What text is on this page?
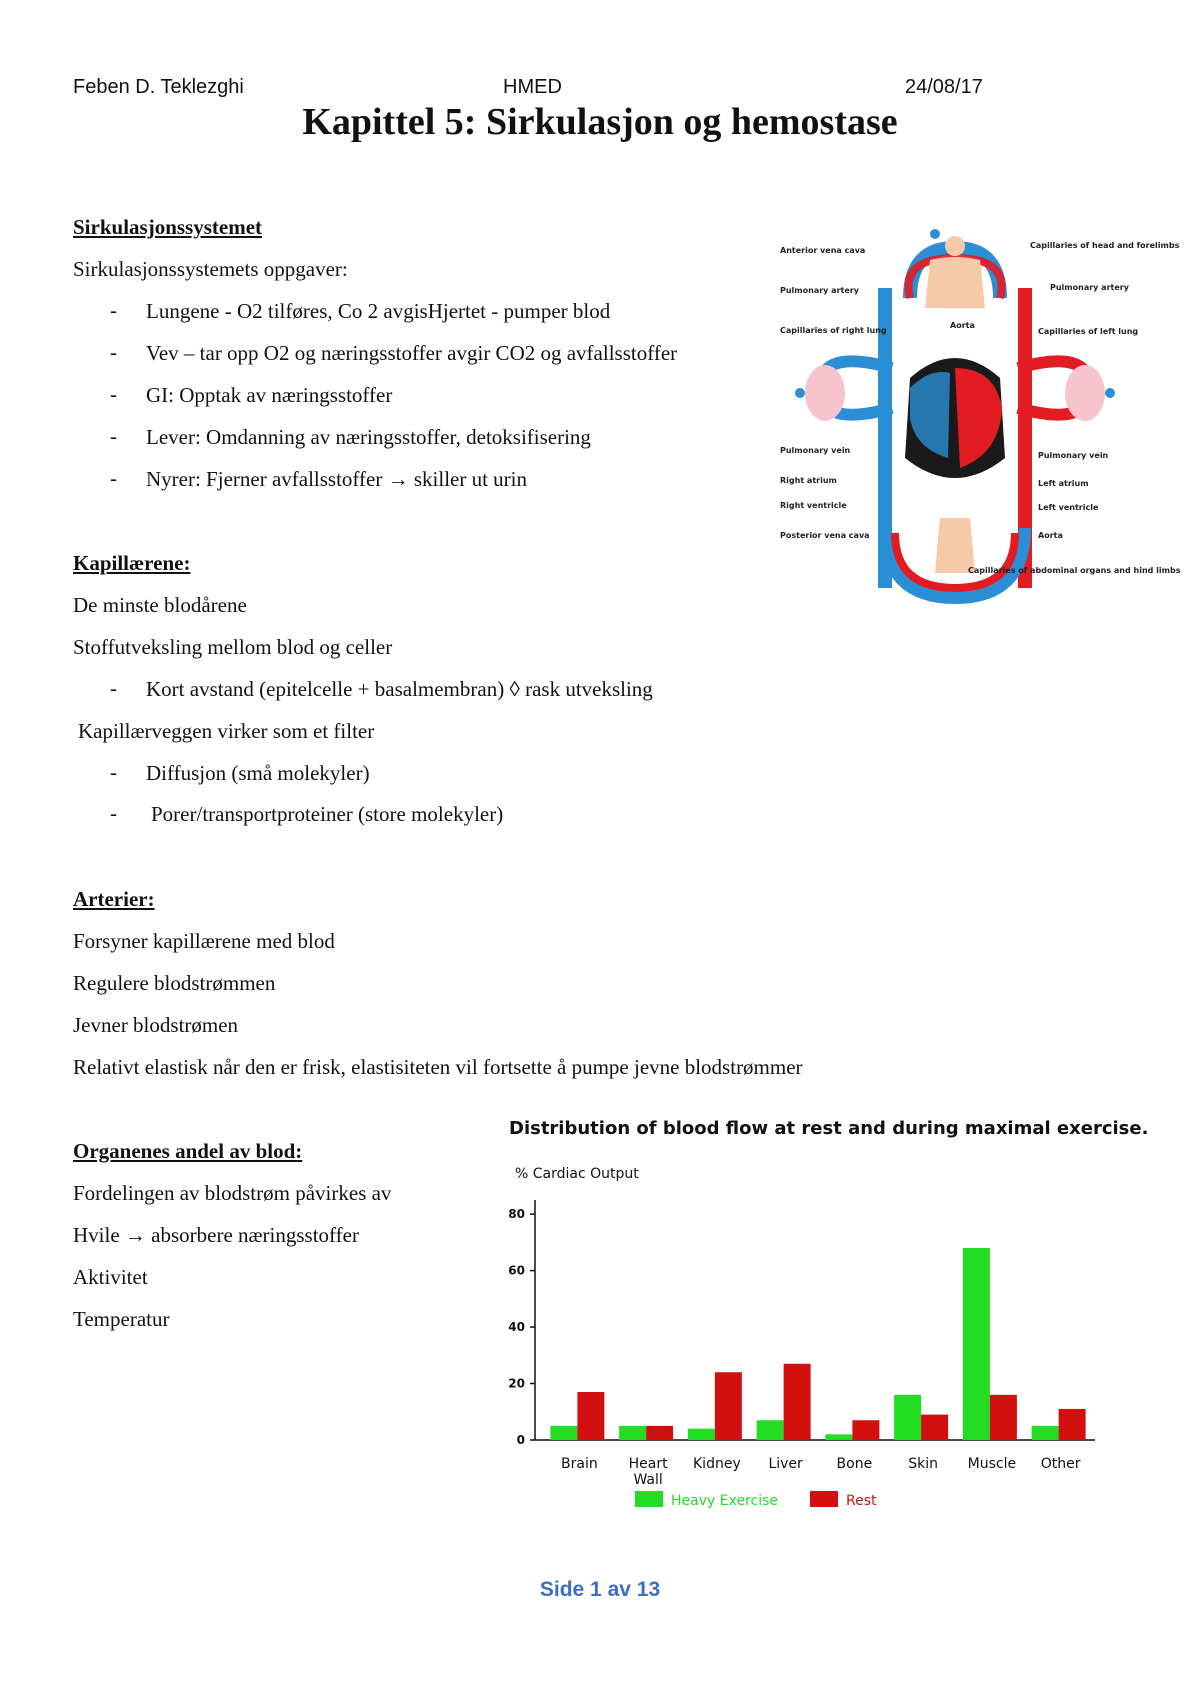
Feben D. Teklezghi	HMED	24/08/17
Kapittel 5: Sirkulasjon og hemostase
Sirkulasjonssystemet
Sirkulasjonssystemets oppgaver:
- Lungene - O2 tilføres, Co 2 avgisHjertet - pumper blod
- Vev – tar opp O2 og næringsstoffer avgir CO2 og avfallsstoffer
- GI: Opptak av næringsstoffer
- Lever: Omdanning av næringsstoffer, detoksifisering
- Nyrer: Fjerner avfallsstoffer → skiller ut urin
Kapillærene:
De minste blodårene
Stoffutveksling mellom blod og celler
- Kort avstand (epitelcelle + basalmembran) ◊ rask utveksling
Kapillærveggen virker som et filter
- Diffusjon (små molekyler)
- Porer/transportproteiner (store molekyler)
Arterier:
Forsyner kapillærene med blod
Regulere blodstrømmen
Jevner blodstrømen
Relativt elastisk når den er frisk, elastisiteten vil fortsette å pumpe jevne blodstrømmer
Organenes andel av blod:
Fordelingen av blodstrøm påvirkes av
Hvile → absorbere næringsstoffer
Aktivitet
Temperatur
Anterior vena cava
Pulmonary artery
Capillaries of right lung
Pulmonary vein
Right atrium
Right ventricle
Posterior vena cava
Aorta
Capillaries of head and forelimbs
Pulmonary artery
Capillaries of left lung
Pulmonary vein
Left atrium
Left ventricle
Aorta
Capillaries of abdominal organs and hind limbs
Distribution of blood flow at rest and during maximal exercise.
% Cardiac Output
0
20
40
60
80
Brain Heart
Wall
Kidney Liver Bone	Skin Muscle Other
Heavy Exercise	Rest
Side 1 av 13
